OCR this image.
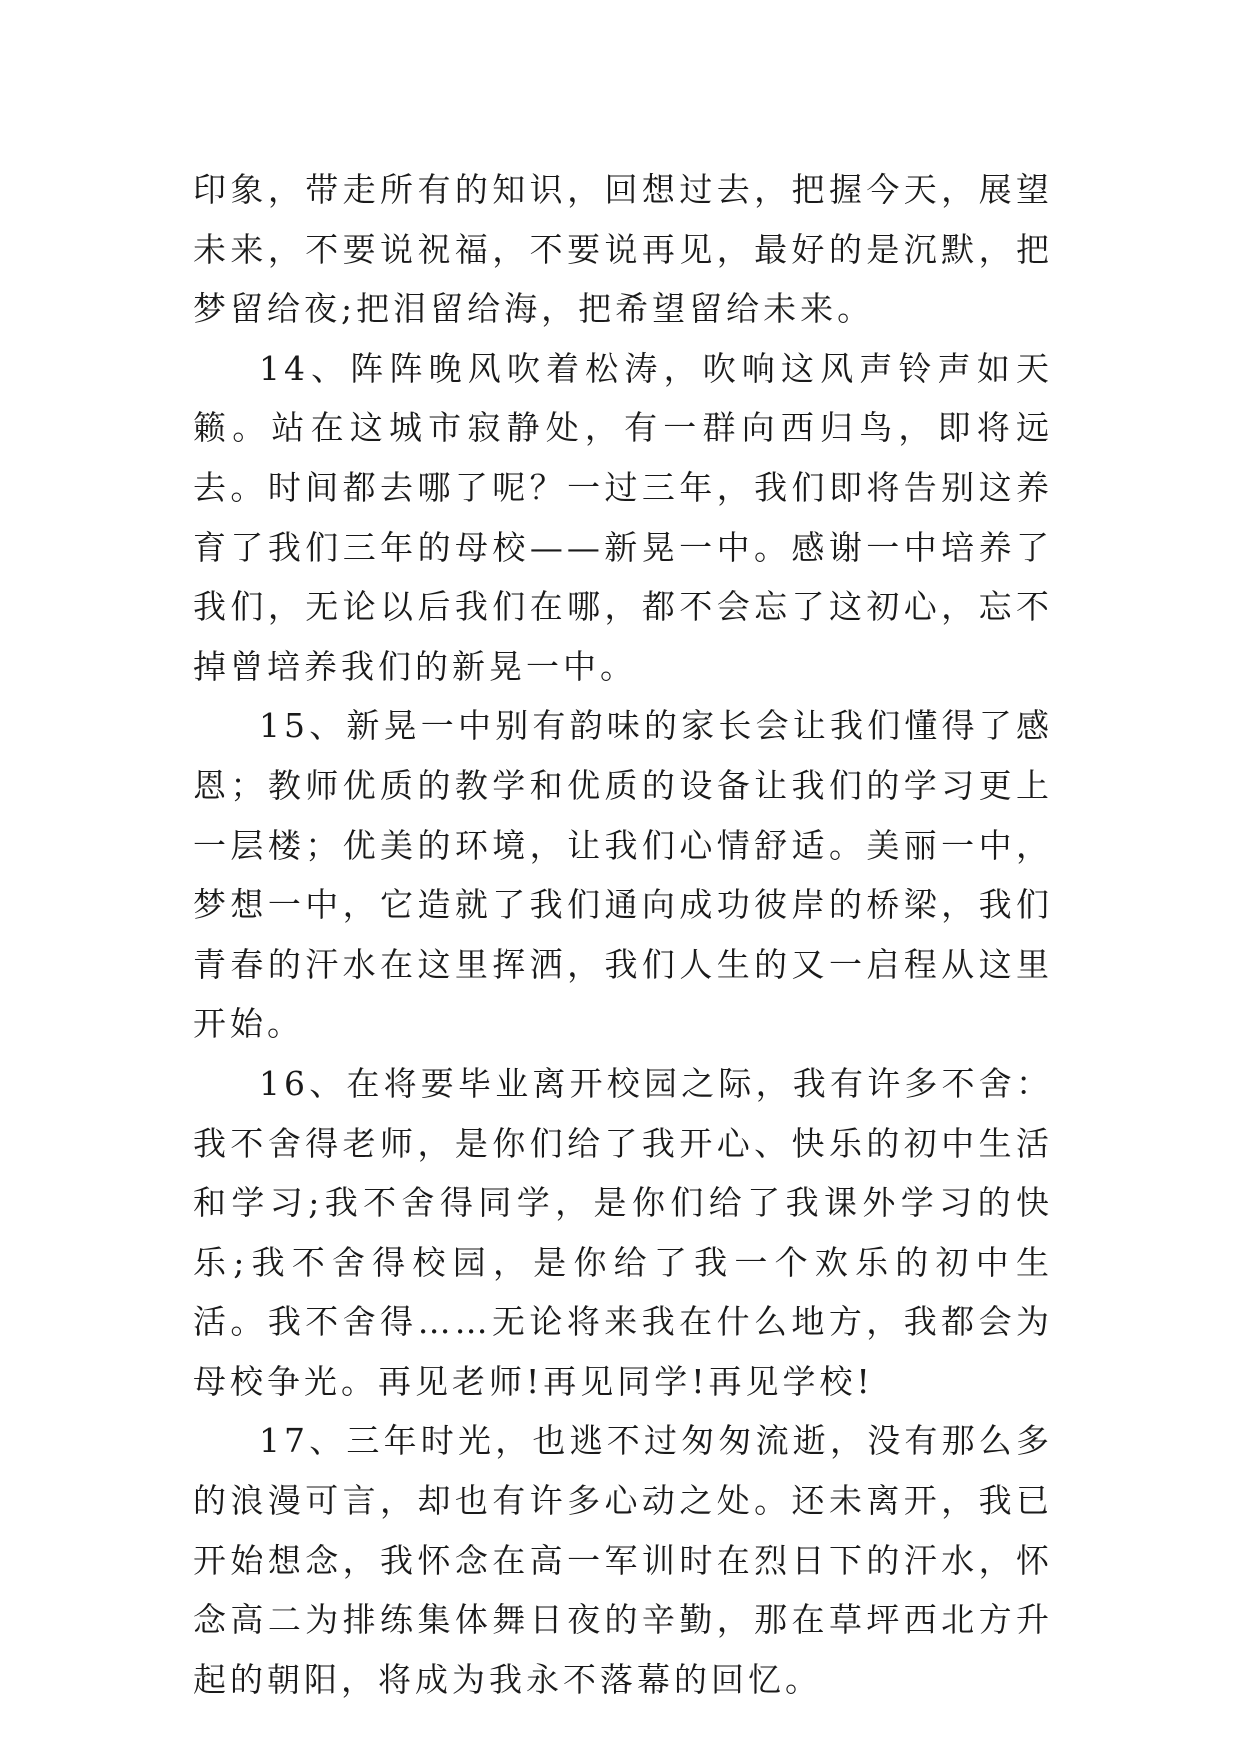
印象，带走所有的知识，回想过去，把握今天，展望未来，不要说祝福，不要说再见，最好的是沉默，把梦留给夜;把泪留给海，把希望留给未来。

14、阵阵晚风吹着松涛，吹响这风声铃声如天籁。站在这城市寂静处，有一群向西归鸟，即将远去。时间都去哪了呢？一过三年，我们即将告别这养育了我们三年的母校——新晃一中。感谢一中培养了我们，无论以后我们在哪，都不会忘了这初心，忘不掉曾培养我们的新晃一中。

15、新晃一中别有韵味的家长会让我们懂得了感恩；教师优质的教学和优质的设备让我们的学习更上一层楼；优美的环境，让我们心情舒适。美丽一中，梦想一中，它造就了我们通向成功彼岸的桥梁，我们青春的汗水在这里挥洒，我们人生的又一启程从这里开始。

16、在将要毕业离开校园之际，我有许多不舍：我不舍得老师，是你们给了我开心、快乐的初中生活和学习;我不舍得同学，是你们给了我课外学习的快乐;我不舍得校园，是你给了我一个欢乐的初中生活。我不舍得……无论将来我在什么地方，我都会为母校争光。再见老师!再见同学!再见学校!

17、三年时光，也逃不过匆匆流逝，没有那么多的浪漫可言，却也有许多心动之处。还未离开，我已开始想念，我怀念在高一军训时在烈日下的汗水，怀念高二为排练集体舞日夜的辛勤，那在草坪西北方升起的朝阳，将成为我永不落幕的回忆。
